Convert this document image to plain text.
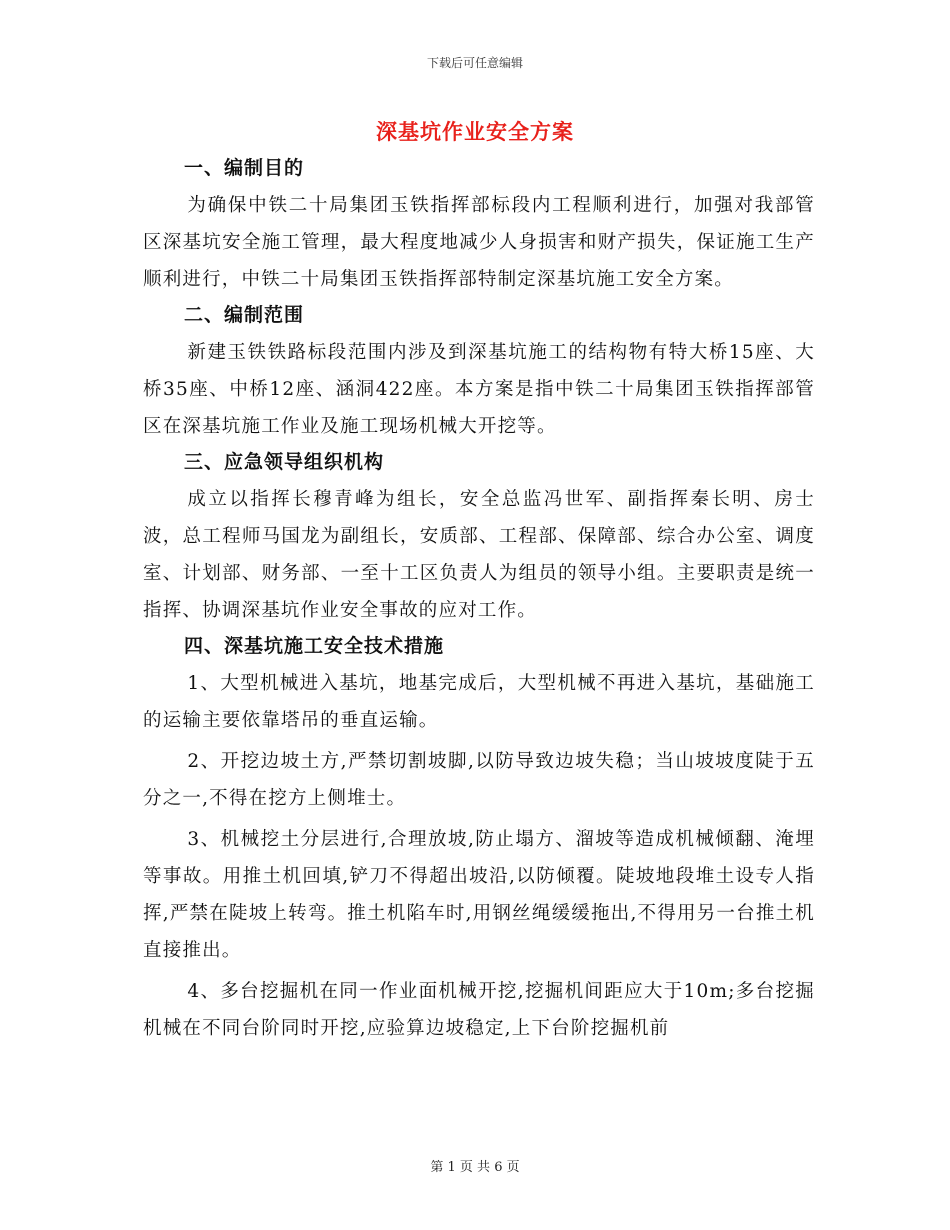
下载后可任意编辑
深基坑作业安全方案
一、编制目的
为确保中铁二十局集团玉铁指挥部标段内工程顺利进行，加强对我部管区深基坑安全施工管理，最大程度地减少人身损害和财产损失，保证施工生产顺利进行，中铁二十局集团玉铁指挥部特制定深基坑施工安全方案。
二、编制范围
新建玉铁铁路标段范围内涉及到深基坑施工的结构物有特大桥15座、大桥35座、中桥12座、涵洞422座。本方案是指中铁二十局集团玉铁指挥部管区在深基坑施工作业及施工现场机械大开挖等。
三、应急领导组织机构
成立以指挥长穆青峰为组长，安全总监冯世军、副指挥秦长明、房士波，总工程师马国龙为副组长，安质部、工程部、保障部、综合办公室、调度室、计划部、财务部、一至十工区负责人为组员的领导小组。主要职责是统一指挥、协调深基坑作业安全事故的应对工作。
四、深基坑施工安全技术措施
1、大型机械进入基坑，地基完成后，大型机械不再进入基坑，基础施工的运输主要依靠塔吊的垂直运输。
2、开挖边坡土方,严禁切割坡脚,以防导致边坡失稳；当山坡坡度陡于五分之一,不得在挖方上侧堆士。
3、机械挖土分层进行,合理放坡,防止塌方、溜坡等造成机械倾翻、淹埋等事故。用推土机回填,铲刀不得超出坡沿,以防倾覆。陡坡地段堆土设专人指挥,严禁在陡坡上转弯。推土机陷车时,用钢丝绳缓缓拖出,不得用另一台推土机直接推出。
4、多台挖掘机在同一作业面机械开挖,挖掘机间距应大于10m;多台挖掘机械在不同台阶同时开挖,应验算边坡稳定,上下台阶挖掘机前
第 1 页 共 6 页
